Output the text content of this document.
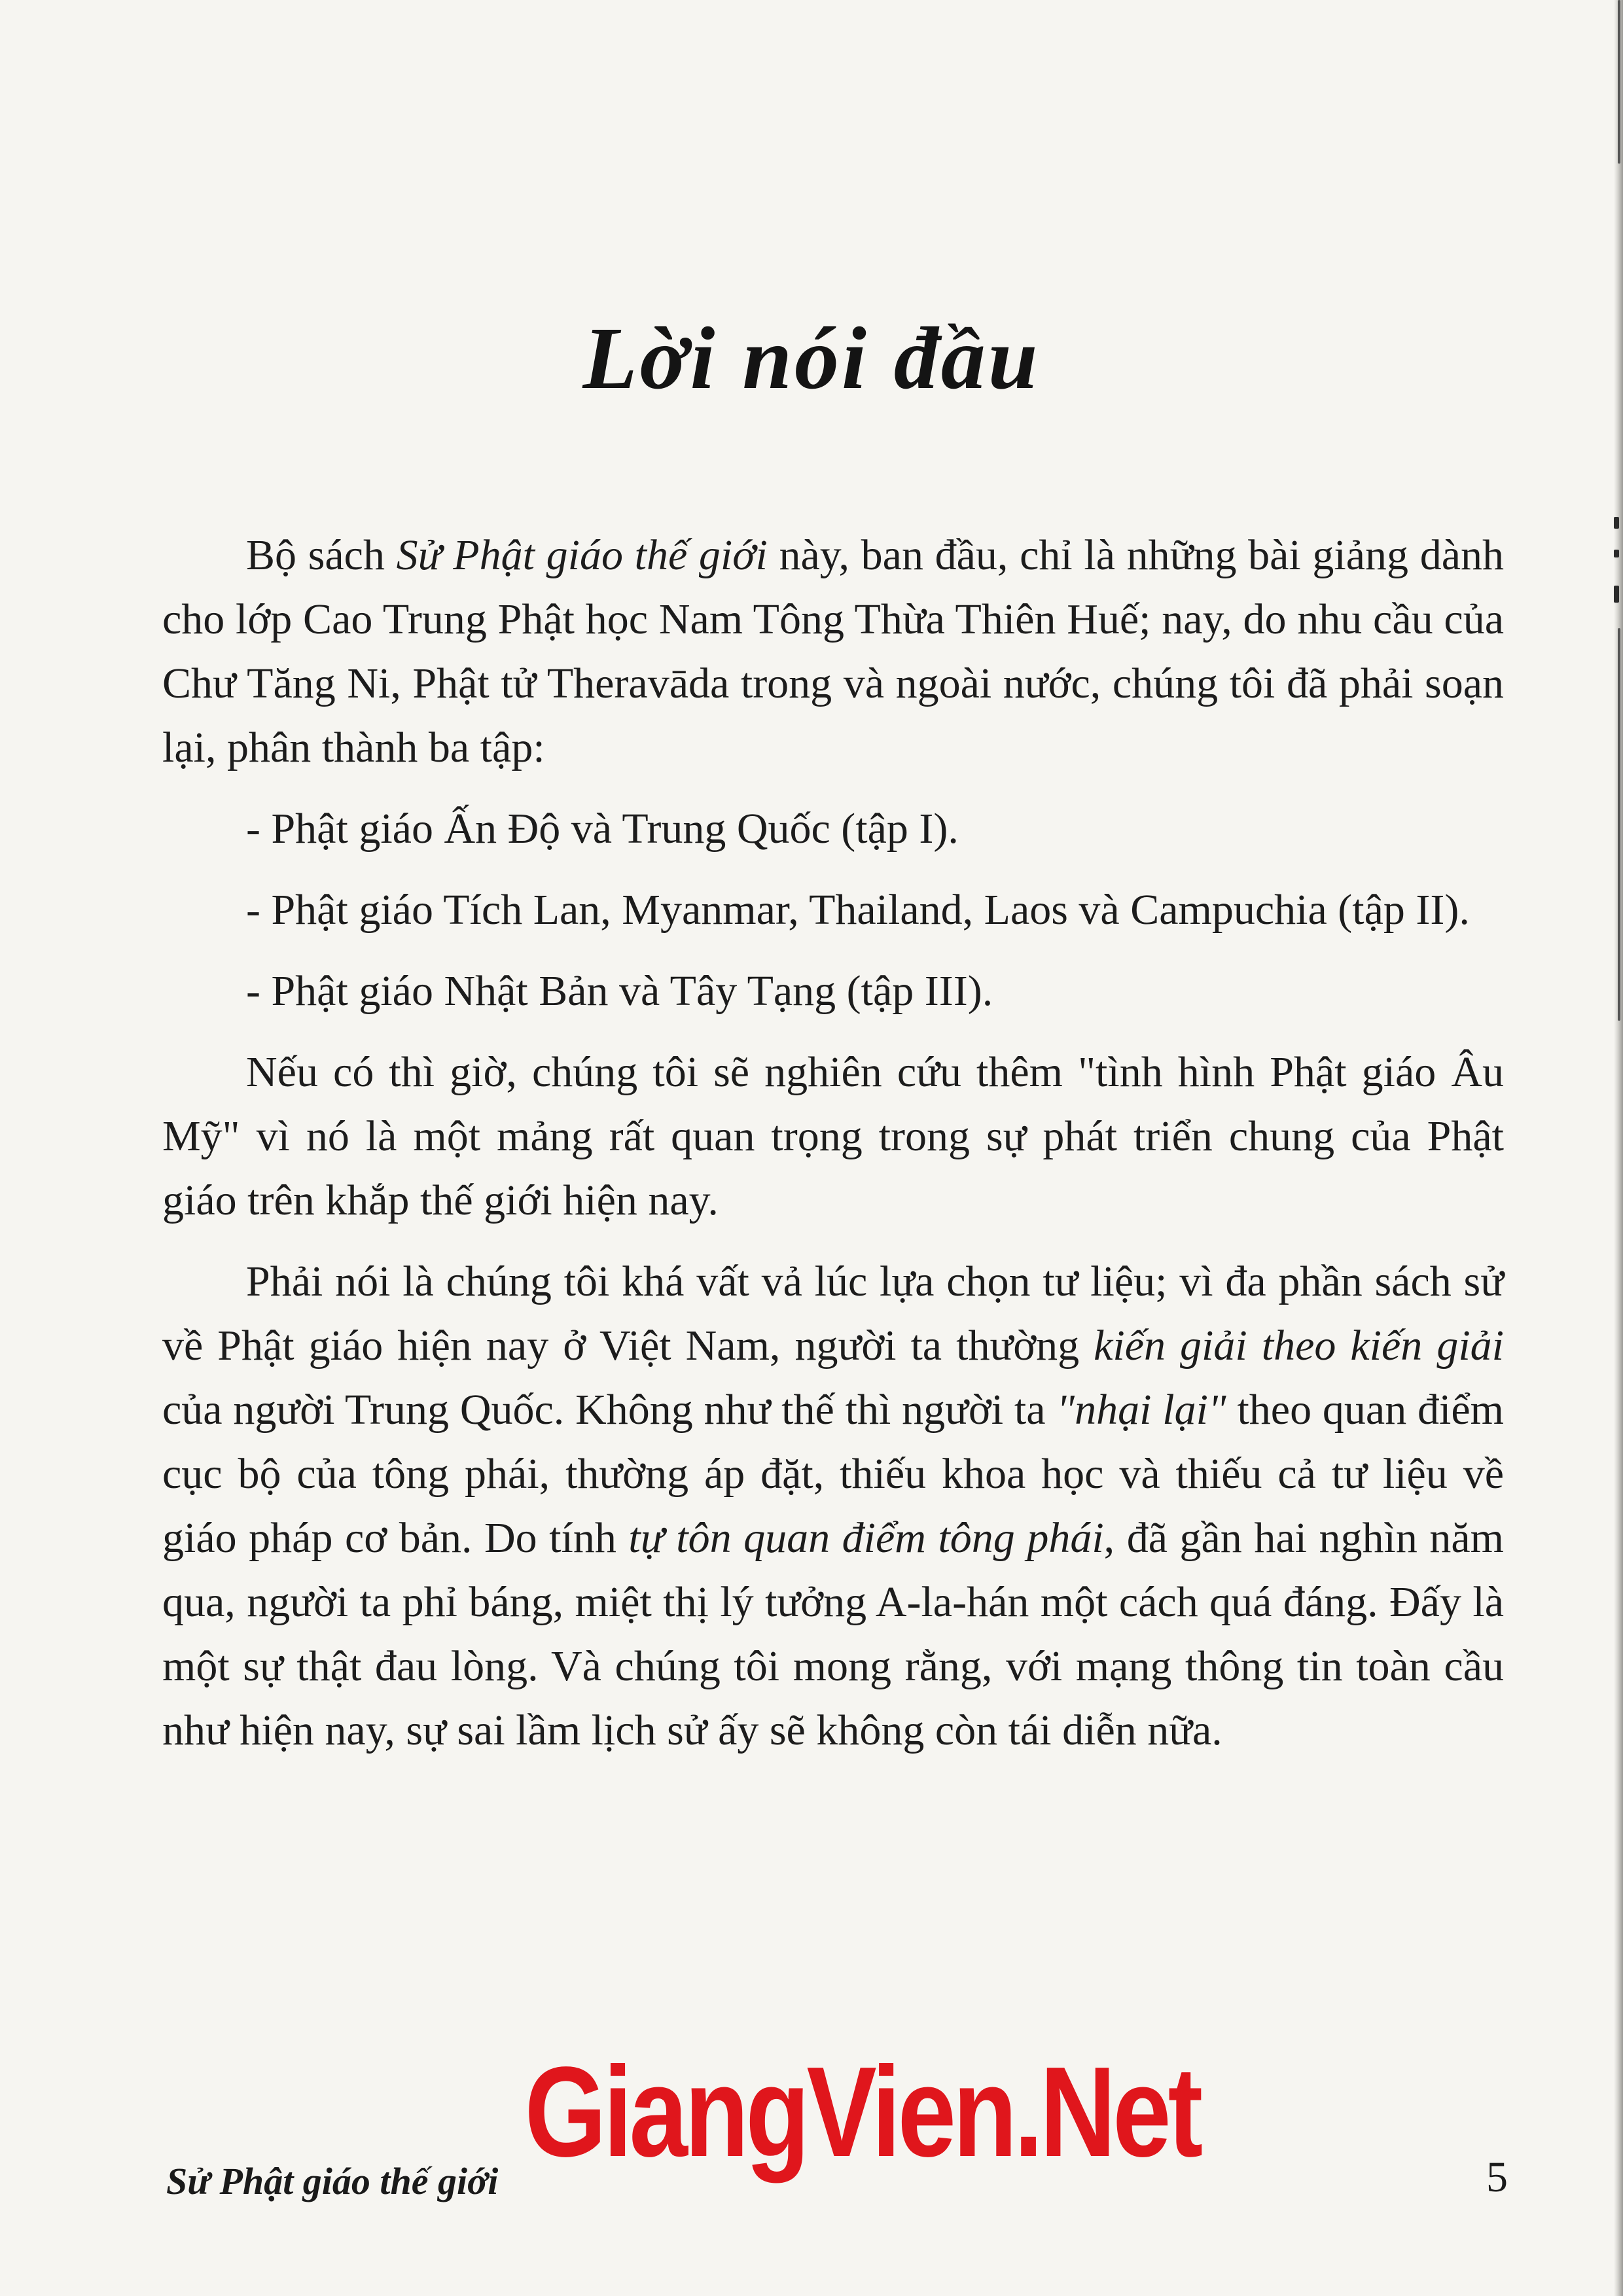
Lời nói đầu

Bộ sách Sử Phật giáo thế giới này, ban đầu, chỉ là những bài giảng dành cho lớp Cao Trung Phật học Nam Tông Thừa Thiên Huế; nay, do nhu cầu của Chư Tăng Ni, Phật tử Theravāda trong và ngoài nước, chúng tôi đã phải soạn lại, phân thành ba tập:

- Phật giáo Ấn Độ và Trung Quốc (tập I).

- Phật giáo Tích Lan, Myanmar, Thailand, Laos và Campuchia (tập II).

- Phật giáo Nhật Bản và Tây Tạng (tập III).

Nếu có thì giờ, chúng tôi sẽ nghiên cứu thêm "tình hình Phật giáo Âu Mỹ" vì nó là một mảng rất quan trọng trong sự phát triển chung của Phật giáo trên khắp thế giới hiện nay.

Phải nói là chúng tôi khá vất vả lúc lựa chọn tư liệu; vì đa phần sách sử về Phật giáo hiện nay ở Việt Nam, người ta thường kiến giải theo kiến giải của người Trung Quốc. Không như thế thì người ta "nhại lại" theo quan điểm cục bộ của tông phái, thường áp đặt, thiếu khoa học và thiếu cả tư liệu về giáo pháp cơ bản. Do tính tự tôn quan điểm tông phái, đã gần hai nghìn năm qua, người ta phỉ báng, miệt thị lý tưởng A-la-hán một cách quá đáng. Đấy là một sự thật đau lòng. Và chúng tôi mong rằng, với mạng thông tin toàn cầu như hiện nay, sự sai lầm lịch sử ấy sẽ không còn tái diễn nữa.

Sử Phật giáo thế giới	5
GiangVien.Net
